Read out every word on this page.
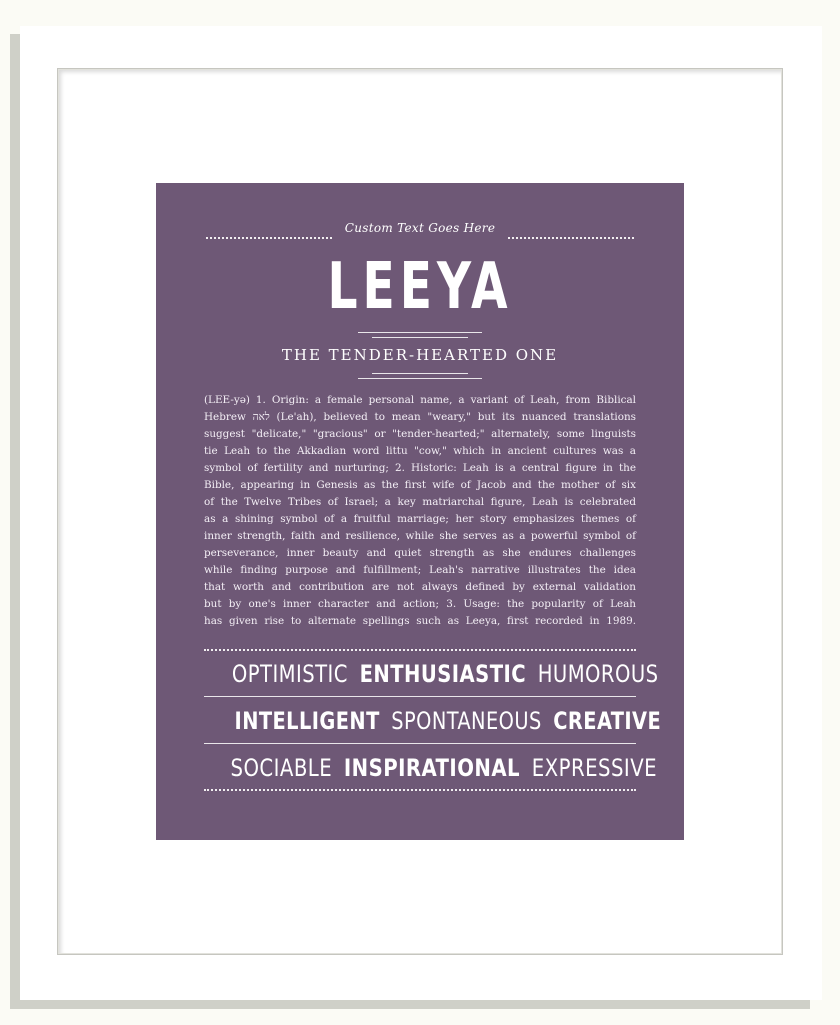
Custom Text Goes Here
LEEYA
THE TENDER-HEARTED ONE
(LEE-yə) 1. Origin: a female personal name, a variant of Leah, from Biblical
Hebrew לאה (Le'ah), believed to mean "weary," but its nuanced translations
suggest "delicate," "gracious" or "tender-hearted;" alternately, some linguists
tie Leah to the Akkadian word littu "cow," which in ancient cultures was a
symbol of fertility and nurturing; 2. Historic: Leah is a central figure in the
Bible, appearing in Genesis as the first wife of Jacob and the mother of six
of the Twelve Tribes of Israel; a key matriarchal figure, Leah is celebrated
as a shining symbol of a fruitful marriage; her story emphasizes themes of
inner strength, faith and resilience, while she serves as a powerful symbol of
perseverance, inner beauty and quiet strength as she endures challenges
while finding purpose and fulfillment; Leah's narrative illustrates the idea
that worth and contribution are not always defined by external validation
but by one's inner character and action; 3. Usage: the popularity of Leah
has given rise to alternate spellings such as Leeya, first recorded in 1989.
OPTIMISTIC ENTHUSIASTIC HUMOROUS
INTELLIGENT SPONTANEOUS CREATIVE
SOCIABLE INSPIRATIONAL EXPRESSIVE
